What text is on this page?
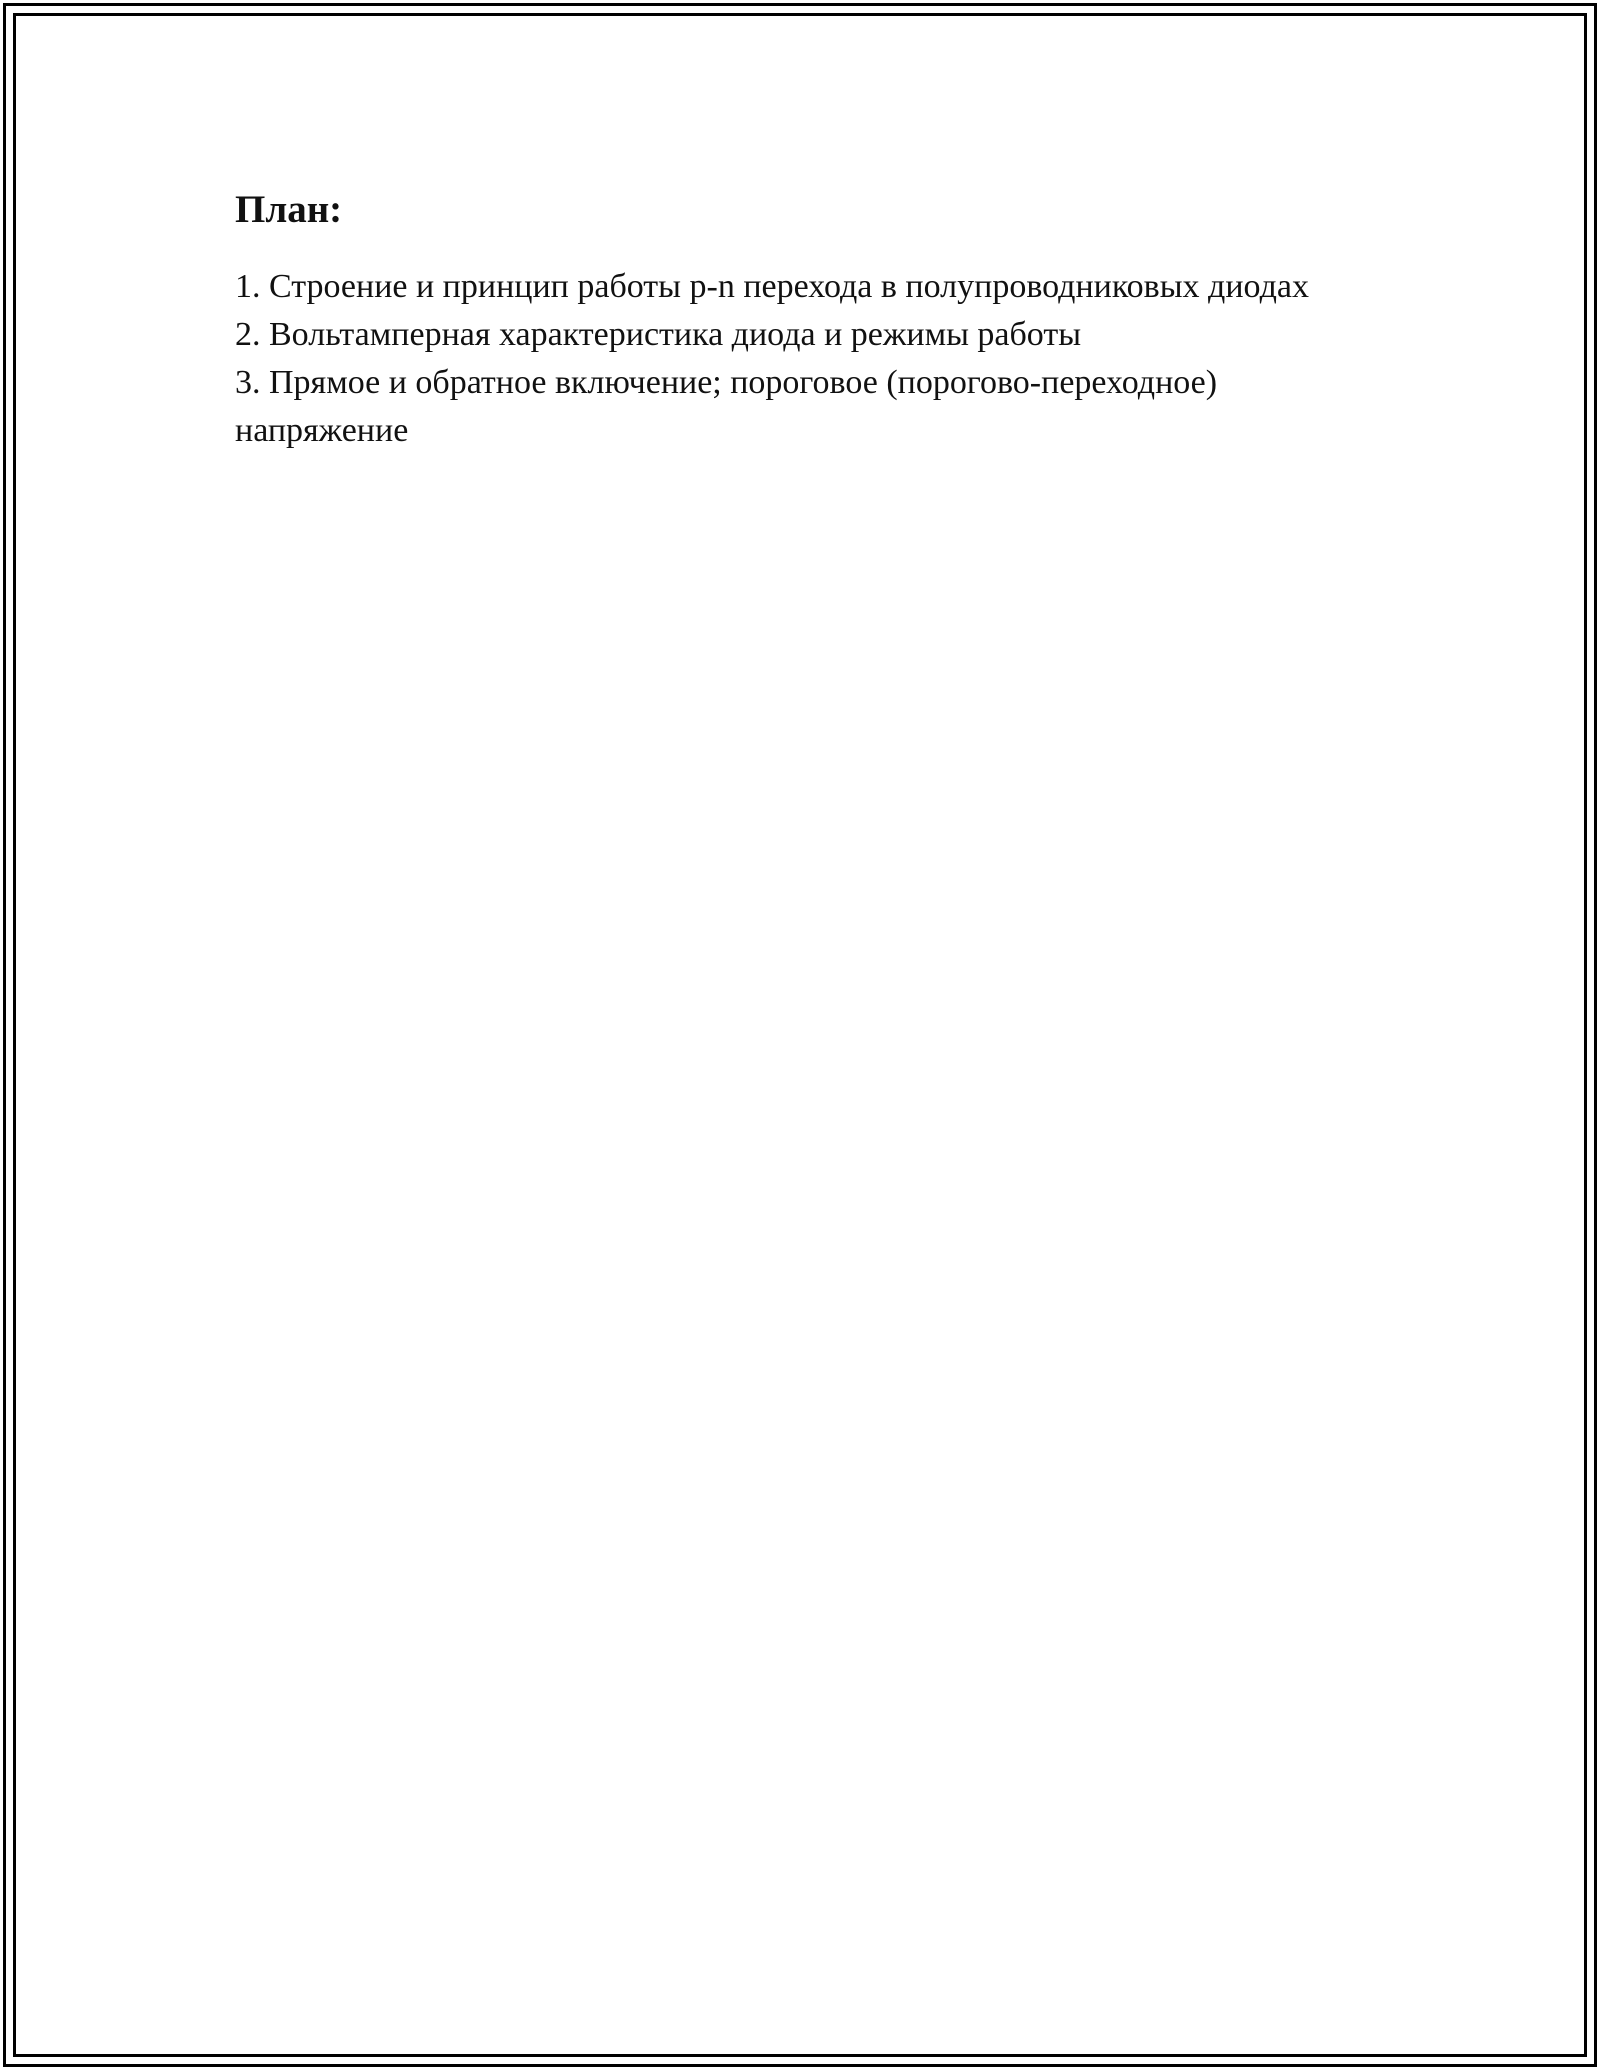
План:
1. Строение и принцип работы p-n перехода в полупроводниковых диодах
2. Вольтамперная характеристика диода и режимы работы
3. Прямое и обратное включение; пороговое (порогово-переходное) напряжение
